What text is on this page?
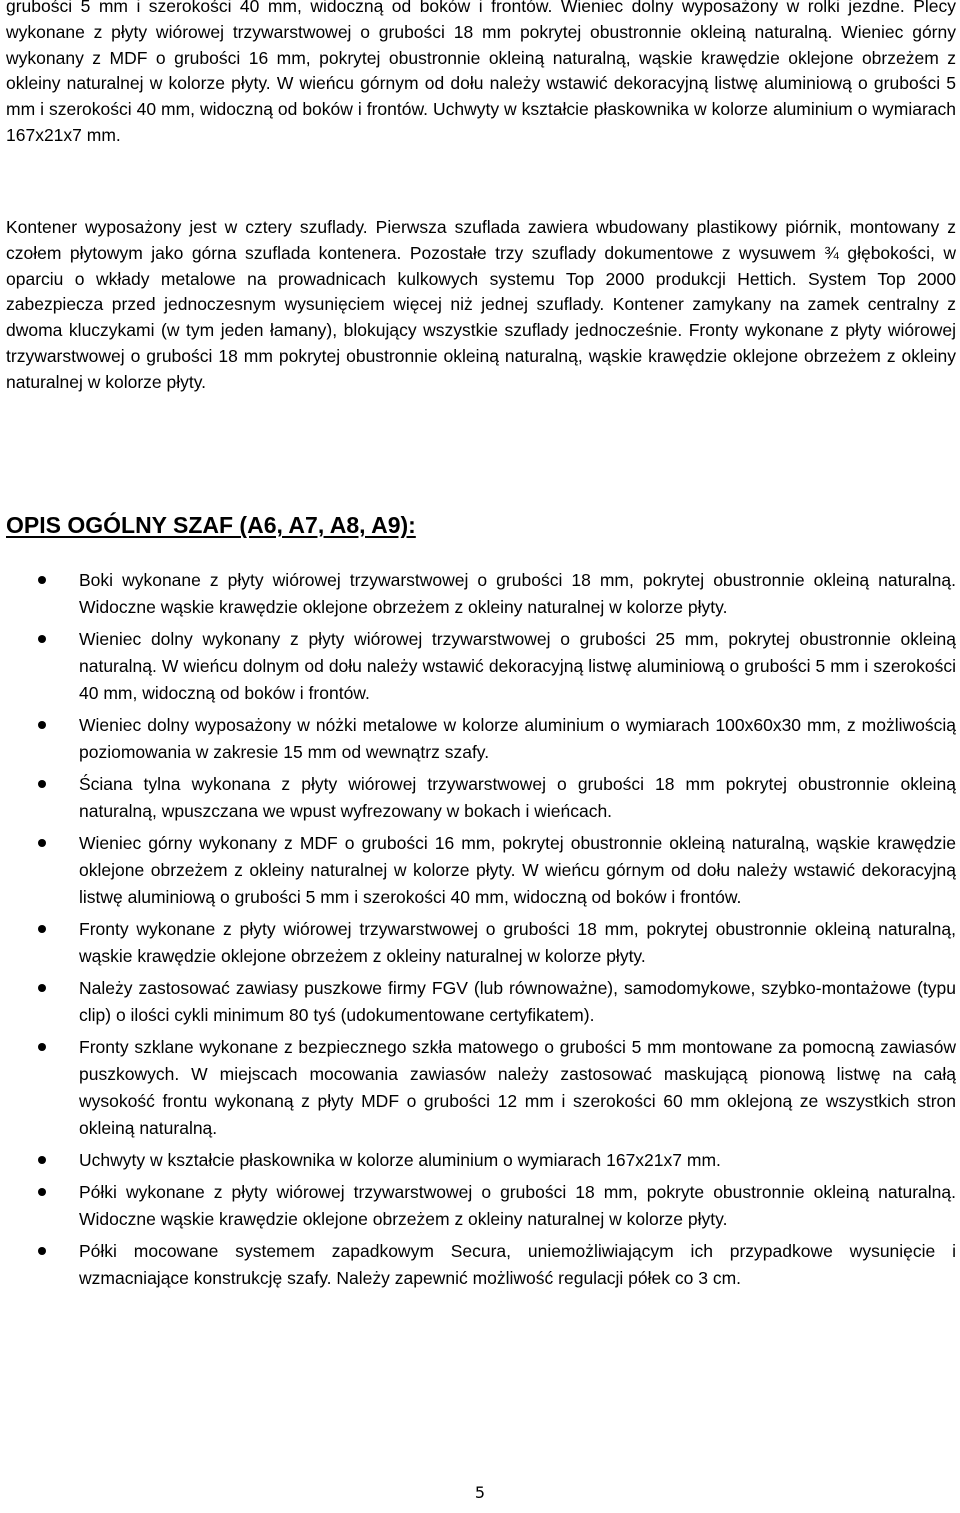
grubości 5 mm i szerokości 40 mm, widoczną od boków i frontów. Wieniec dolny wyposażony w rolki jezdne. Plecy wykonane z płyty wiórowej trzywarstwowej o grubości 18 mm pokrytej obustronnie okleiną naturalną. Wieniec górny wykonany z MDF o grubości 16 mm, pokrytej obustronnie okleiną naturalną, wąskie krawędzie oklejone obrzeżem z okleiny naturalnej w kolorze płyty. W wieńcu górnym od dołu należy wstawić dekoracyjną listwę aluminiową o grubości 5 mm i szerokości 40 mm, widoczną od boków i frontów. Uchwyty w kształcie płaskownika w kolorze aluminium o wymiarach 167x21x7 mm.

Kontener wyposażony jest w cztery szuflady. Pierwsza szuflada zawiera wbudowany plastikowy piórnik, montowany z czołem płytowym jako górna szuflada kontenera. Pozostałe trzy szuflady dokumentowe z wysuwem ¾ głębokości, w oparciu o wkłady metalowe na prowadnicach kulkowych systemu Top 2000 produkcji Hettich. System Top 2000 zabezpiecza przed jednoczesnym wysunięciem więcej niż jednej szuflady. Kontener zamykany na zamek centralny z dwoma kluczykami (w tym jeden łamany), blokujący wszystkie szuflady jednocześnie. Fronty wykonane z płyty wiórowej trzywarstwowej o grubości 18 mm pokrytej obustronnie okleiną naturalną, wąskie krawędzie oklejone obrzeżem z okleiny naturalnej w kolorze płyty.

OPIS OGÓLNY SZAF (A6, A7, A8, A9):
Boki wykonane z płyty wiórowej trzywarstwowej o grubości 18 mm, pokrytej obustronnie okleiną naturalną. Widoczne wąskie krawędzie oklejone obrzeżem z okleiny naturalnej w kolorze płyty.
Wieniec dolny wykonany z płyty wiórowej trzywarstwowej o grubości 25 mm, pokrytej obustronnie okleiną naturalną. W wieńcu dolnym od dołu należy wstawić dekoracyjną listwę aluminiową o grubości 5 mm i szerokości 40 mm, widoczną od boków i frontów.
Wieniec dolny wyposażony w nóżki metalowe w kolorze aluminium o wymiarach 100x60x30 mm, z możliwością poziomowania w zakresie 15 mm od wewnątrz szafy.
Ściana tylna wykonana z płyty wiórowej trzywarstwowej o grubości 18 mm pokrytej obustronnie okleiną naturalną, wpuszczana we wpust wyfrezowany w bokach i wieńcach.
Wieniec górny wykonany z MDF o grubości 16 mm, pokrytej obustronnie okleiną naturalną, wąskie krawędzie oklejone obrzeżem z okleiny naturalnej w kolorze płyty. W wieńcu górnym od dołu należy wstawić dekoracyjną listwę aluminiową o grubości 5 mm i szerokości 40 mm, widoczną od boków i frontów.
Fronty wykonane z płyty wiórowej trzywarstwowej o grubości 18 mm, pokrytej obustronnie okleiną naturalną, wąskie krawędzie oklejone obrzeżem z okleiny naturalnej w kolorze płyty.
Należy zastosować zawiasy puszkowe firmy FGV (lub równoważne), samodomykowe, szybko-montażowe (typu clip) o ilości cykli minimum 80 tyś (udokumentowane certyfikatem).
Fronty szklane wykonane z bezpiecznego szkła matowego o grubości 5 mm montowane za pomocną zawiasów puszkowych. W miejscach mocowania zawiasów należy zastosować maskującą pionową listwę na całą wysokość frontu wykonaną z płyty MDF o grubości 12 mm i szerokości 60 mm oklejoną ze wszystkich stron okleiną naturalną.
Uchwyty w kształcie płaskownika w kolorze aluminium o wymiarach 167x21x7 mm.
Półki wykonane z płyty wiórowej trzywarstwowej o grubości 18 mm, pokryte obustronnie okleiną naturalną. Widoczne wąskie krawędzie oklejone obrzeżem z okleiny naturalnej w kolorze płyty.
Półki mocowane systemem zapadkowym Secura, uniemożliwiającym ich przypadkowe wysunięcie i wzmacniające konstrukcję szafy. Należy zapewnić możliwość regulacji półek co 3 cm.
5
